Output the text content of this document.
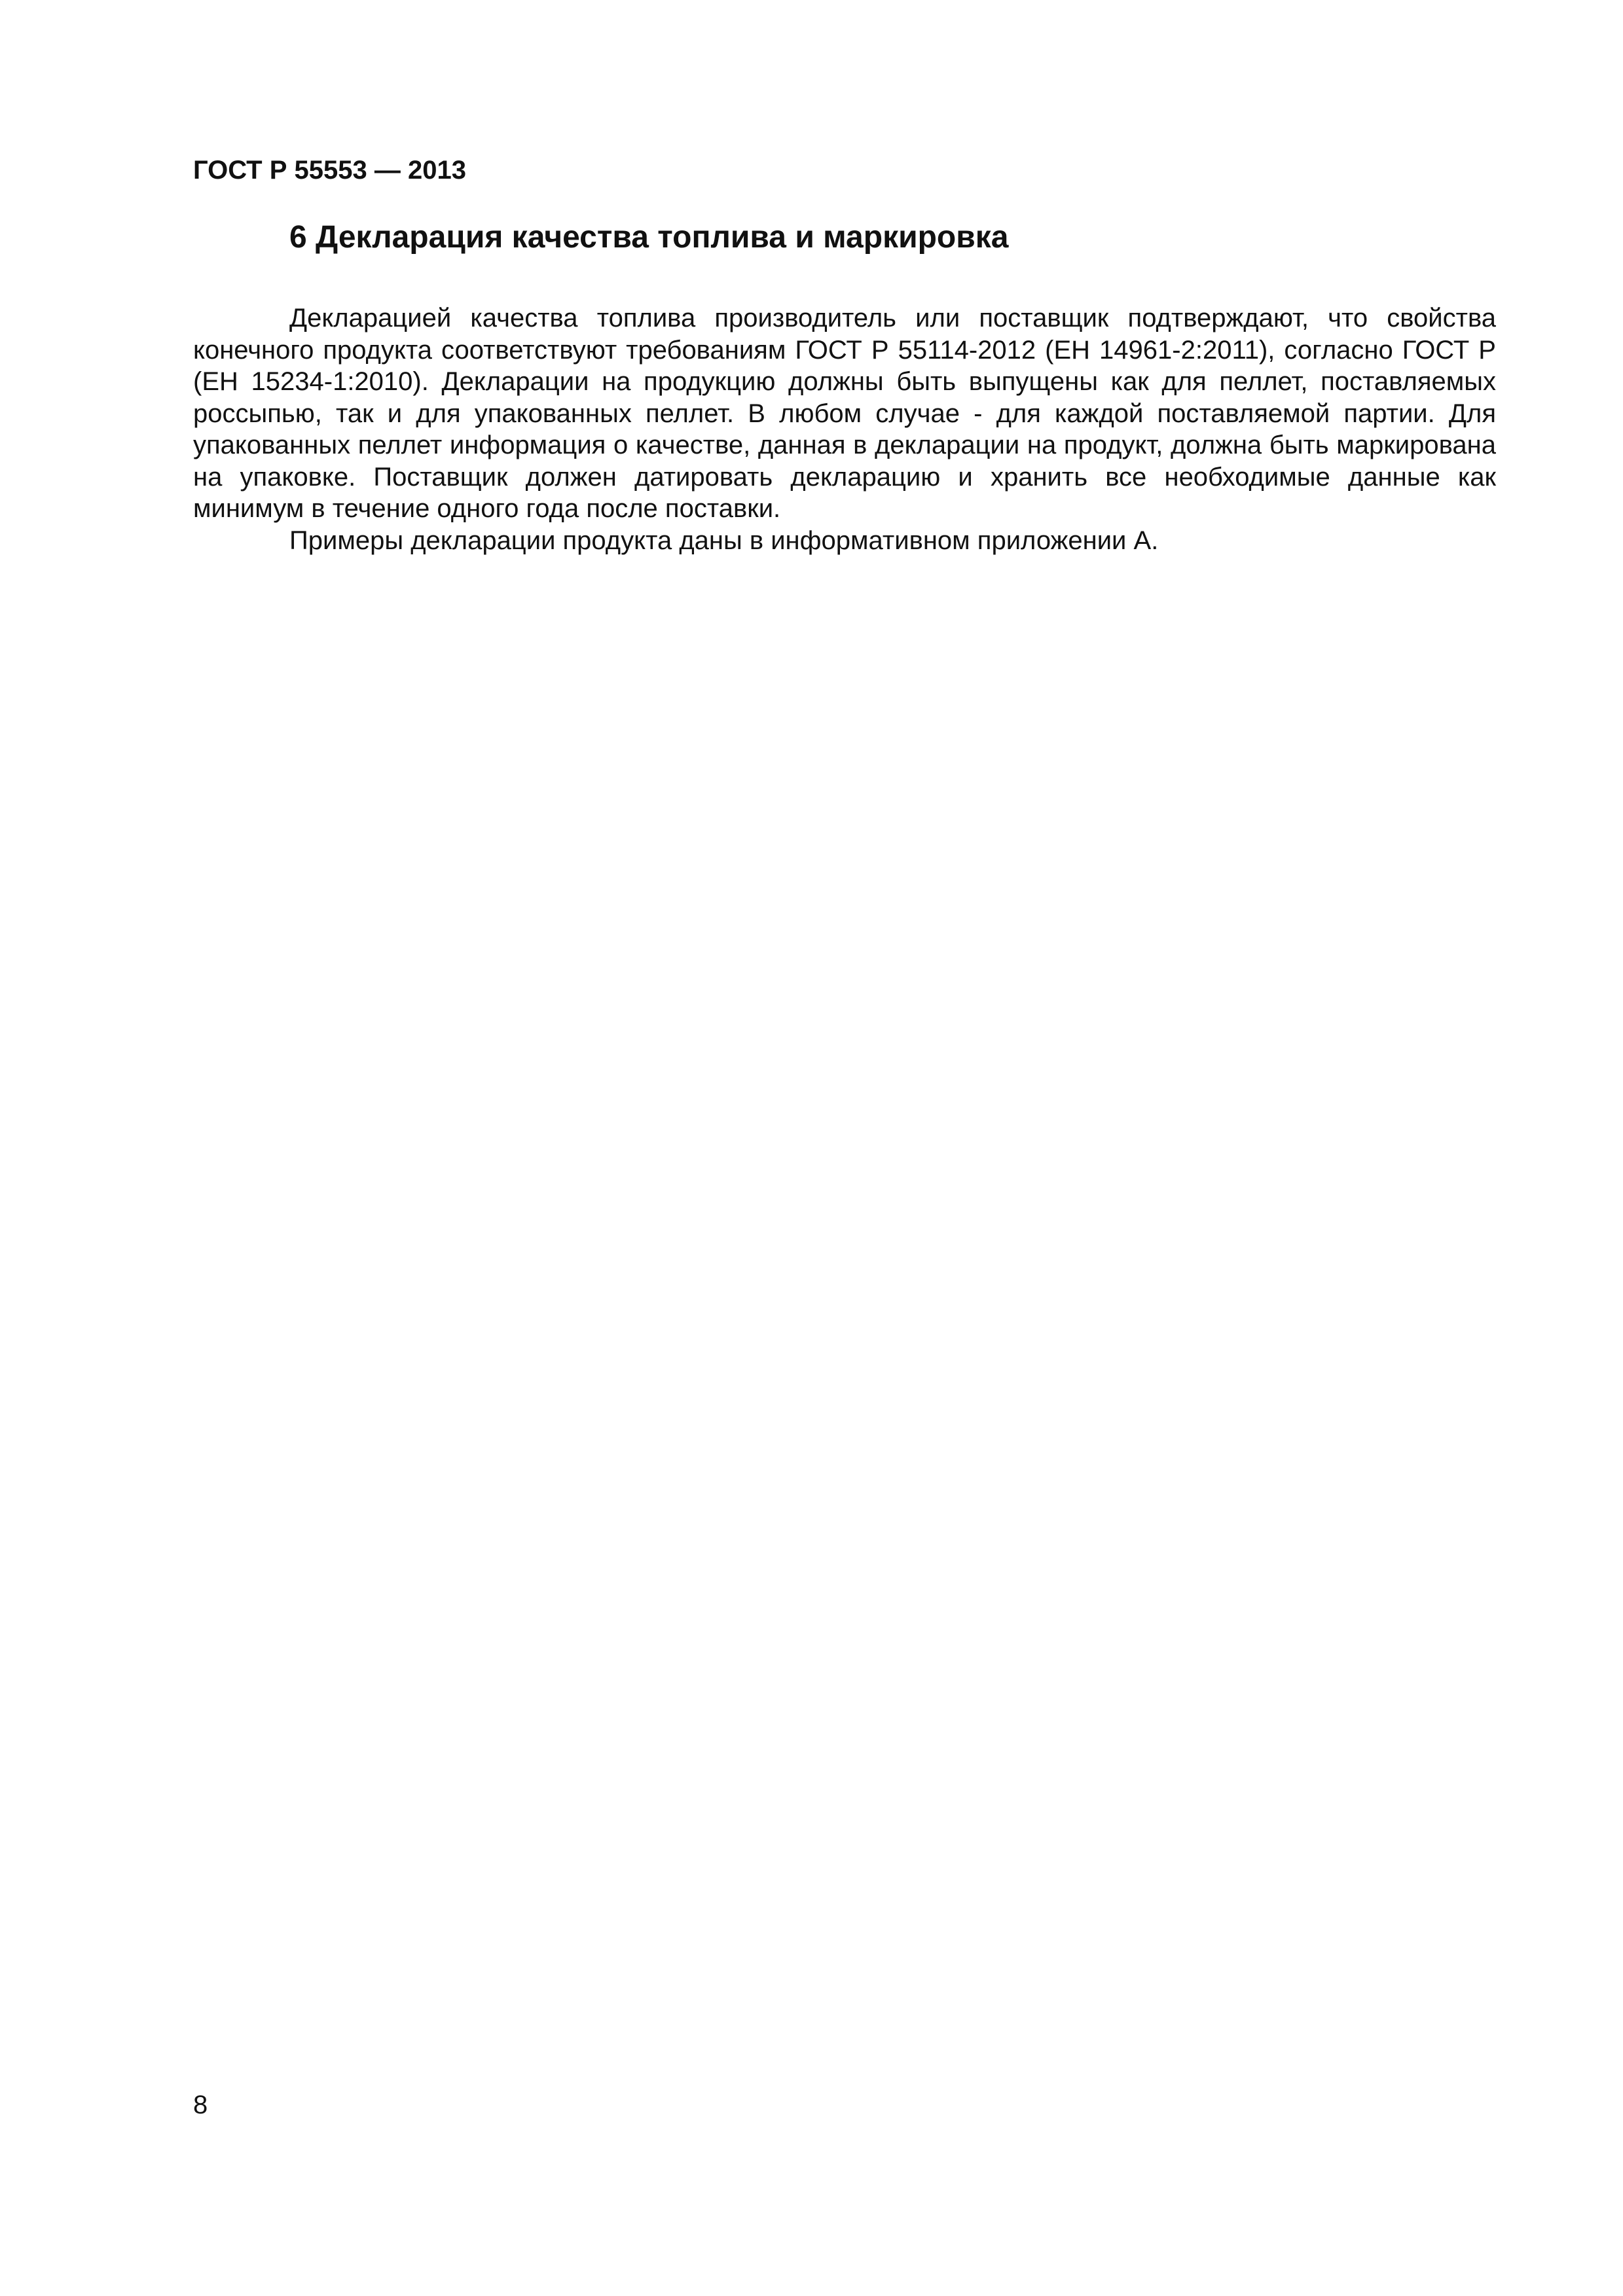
ГОСТ Р 55553 — 2013
6 Декларация качества топлива и маркировка

Декларацией качества топлива производитель или поставщик подтверждают, что свойства конечного продукта соответствуют требованиям ГОСТ Р 55114-2012 (ЕН 14961-2:2011), согласно ГОСТ Р (ЕН 15234-1:2010). Декларации на продукцию должны быть выпущены как для пеллет, поставляемых россыпью, так и для упакованных пеллет. В любом случае - для каждой поставляемой партии. Для упакованных пеллет информация о качестве, данная в декларации на продукт, должна быть маркирована на упаковке. Поставщик должен датировать декларацию и хранить все необходимые данные как минимум в течение одного года после поставки.

Примеры декларации продукта даны в информативном приложении А.

8
